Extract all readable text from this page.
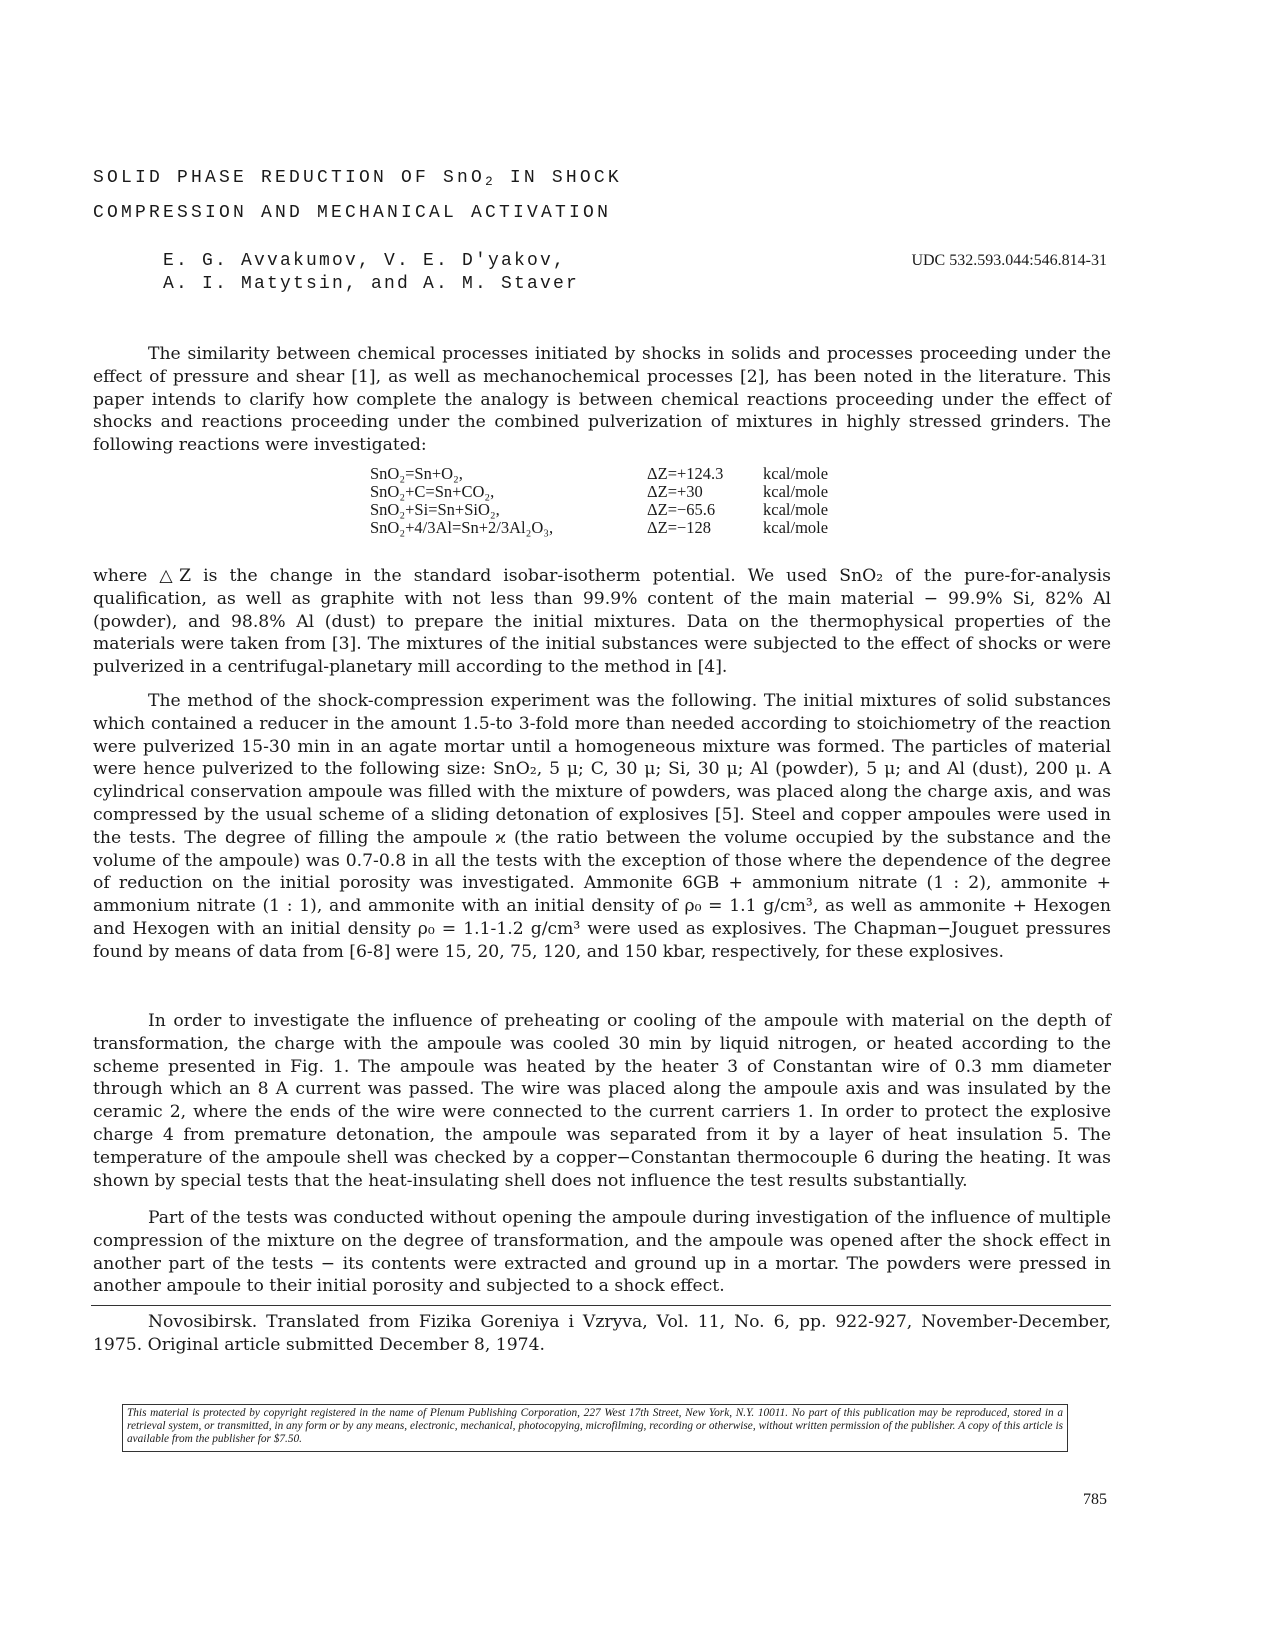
SOLID PHASE REDUCTION OF SnO$_2$ IN SHOCK
COMPRESSION AND MECHANICAL ACTIVATION
E. G. Avvakumov, V. E. D'yakov,
A. I. Matytsin, and A. M. Staver
UDC 532.593.044:546.814-31
The similarity between chemical processes initiated by shocks in solids and processes proceeding under the effect of pressure and shear [1], as well as mechanochemical processes [2], has been noted in the literature. This paper intends to clarify how complete the analogy is between chemical reactions proceeding under the effect of shocks and reactions proceeding under the combined pulverization of mixtures in highly stressed grinders. The following reactions were investigated:
SnO₂=Sn+O₂,	ΔZ=+124.3	kcal/mole
SnO₂+C=Sn+CO₂,	ΔZ=+30	kcal/mole
SnO₂+Si=Sn+SiO₂,	ΔZ=−65.6	kcal/mole
SnO₂+4/3Al=Sn+2/3Al₂O₃,	ΔZ=−128	kcal/mole
where △Z is the change in the standard isobar-isotherm potential. We used SnO₂ of the pure-for-analysis qualification, as well as graphite with not less than 99.9% content of the main material − 99.9% Si, 82% Al (powder), and 98.8% Al (dust) to prepare the initial mixtures. Data on the thermophysical properties of the materials were taken from [3]. The mixtures of the initial substances were subjected to the effect of shocks or were pulverized in a centrifugal-planetary mill according to the method in [4].
The method of the shock-compression experiment was the following. The initial mixtures of solid substances which contained a reducer in the amount 1.5-to 3-fold more than needed according to stoichiometry of the reaction were pulverized 15-30 min in an agate mortar until a homogeneous mixture was formed. The particles of material were hence pulverized to the following size: SnO₂, 5 μ; C, 30 μ; Si, 30 μ; Al (powder), 5 μ; and Al (dust), 200 μ. A cylindrical conservation ampoule was filled with the mixture of powders, was placed along the charge axis, and was compressed by the usual scheme of a sliding detonation of explosives [5]. Steel and copper ampoules were used in the tests. The degree of filling the ampoule ϰ (the ratio between the volume occupied by the substance and the volume of the ampoule) was 0.7-0.8 in all the tests with the exception of those where the dependence of the degree of reduction on the initial porosity was investigated. Ammonite 6GB + ammonium nitrate (1 : 2), ammonite + ammonium nitrate (1 : 1), and ammonite with an initial density of ρ₀ = 1.1 g/cm³, as well as ammonite + Hexogen and Hexogen with an initial density ρ₀ = 1.1-1.2 g/cm³ were used as explosives. The Chapman−Jouguet pressures found by means of data from [6-8] were 15, 20, 75, 120, and 150 kbar, respectively, for these explosives.
In order to investigate the influence of preheating or cooling of the ampoule with material on the depth of transformation, the charge with the ampoule was cooled 30 min by liquid nitrogen, or heated according to the scheme presented in Fig. 1. The ampoule was heated by the heater 3 of Constantan wire of 0.3 mm diameter through which an 8 A current was passed. The wire was placed along the ampoule axis and was insulated by the ceramic 2, where the ends of the wire were connected to the current carriers 1. In order to protect the explosive charge 4 from premature detonation, the ampoule was separated from it by a layer of heat insulation 5. The temperature of the ampoule shell was checked by a copper−Constantan thermocouple 6 during the heating. It was shown by special tests that the heat-insulating shell does not influence the test results substantially.
Part of the tests was conducted without opening the ampoule during investigation of the influence of multiple compression of the mixture on the degree of transformation, and the ampoule was opened after the shock effect in another part of the tests − its contents were extracted and ground up in a mortar. The powders were pressed in another ampoule to their initial porosity and subjected to a shock effect.
Novosibirsk. Translated from Fizika Goreniya i Vzryva, Vol. 11, No. 6, pp. 922-927, November-December, 1975. Original article submitted December 8, 1974.
This material is protected by copyright registered in the name of Plenum Publishing Corporation, 227 West 17th Street, New York, N.Y. 10011. No part of this publication may be reproduced, stored in a retrieval system, or transmitted, in any form or by any means, electronic, mechanical, photocopying, microfilming, recording or otherwise, without written permission of the publisher. A copy of this article is available from the publisher for $7.50.
785
